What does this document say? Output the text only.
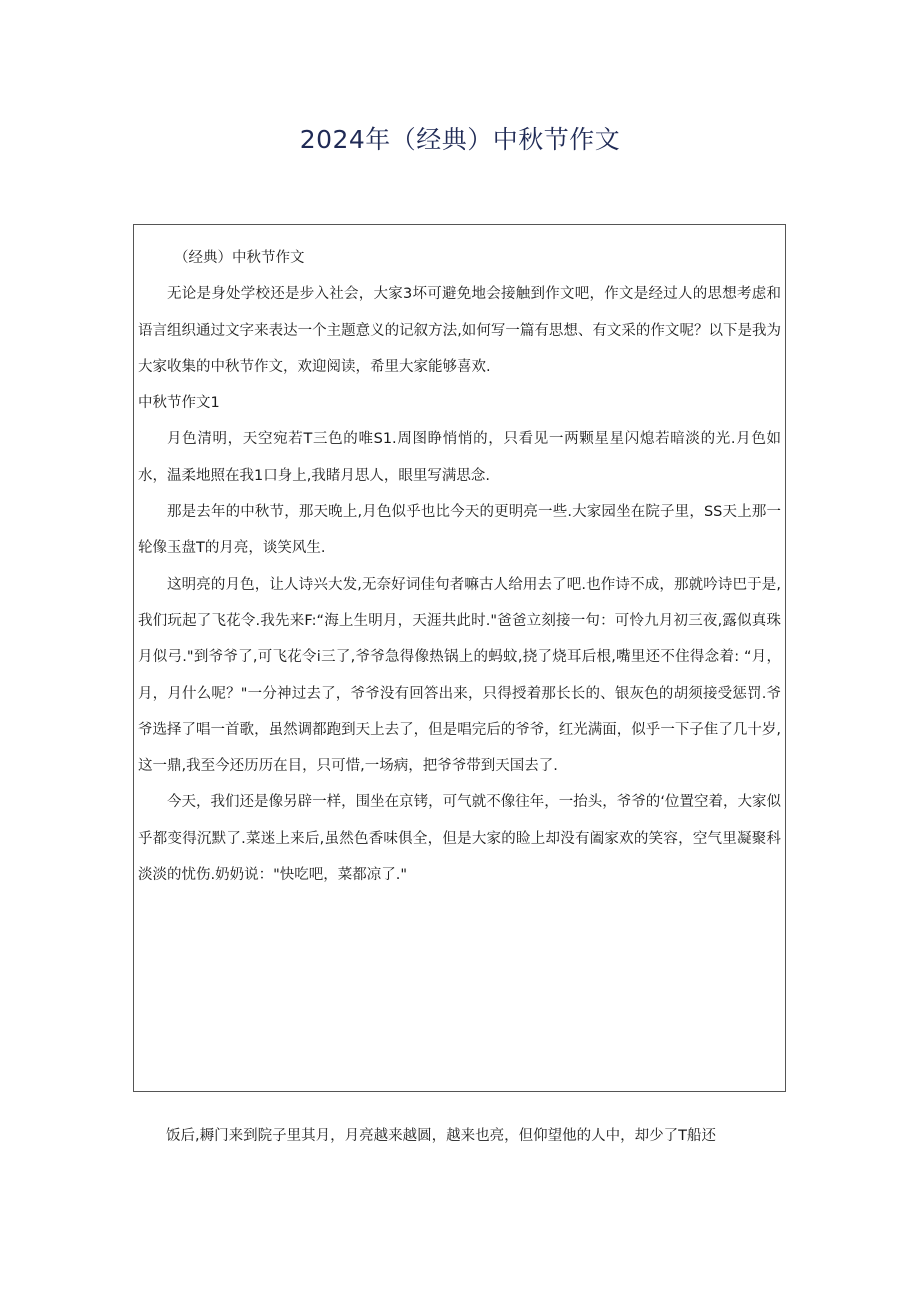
2024年（经典）中秋节作文

（经典）中秋节作文

无论是身处学校还是步入社会，大家3坏可避免地会接触到作文吧，作文是经过人的思想考虑和语言组织通过文字来表达一个主题意义的记叙方法,如何写一篇有思想、有文采的作文呢？以下是我为大家收集的中秋节作文，欢迎阅读，希里大家能够喜欢.

中秋节作文1

月色清明，天空宛若T三色的唯S1.周图睁悄悄的，只看见一两颗星星闪熄若暗淡的光.月色如水，温柔地照在我1口身上,我睹月思人，眼里写满思念.

那是去年的中秋节，那天晚上,月色似乎也比今天的更明亮一些.大家园坐在院子里，SS天上那一轮像玉盘T的月亮，谈笑风生.

这明亮的月色，让人诗兴大发,无奈好词佳句者嘛古人给用去了吧.也作诗不成，那就吟诗巴于是,我们玩起了飞花令.我先来F:“海上生明月，天涯共此时."爸爸立刻接一句：可怜九月初三夜,露似真珠月似弓."到爷爷了,可飞花令i三了,爷爷急得像热锅上的蚂蚊,挠了烧耳后根,嘴里还不住得念着: “月，月，月什么呢？"一分神过去了，爷爷没有回答出来，只得授着那长长的、银灰色的胡须接受惩罚.爷爷选择了唱一首歌，虽然调都跑到天上去了，但是唱完后的爷爷，红光满面，似乎一下子隹了几十岁,这一鼎,我至今还历历在目，只可惜,一场病，把爷爷带到天国去了.

今天，我们还是像另辟一样，围坐在京铐，可气就不像往年，一抬头，爷爷的‘位置空着，大家似乎都变得沉默了.菜迷上来后,虽然色香味俱全，但是大家的睑上却没有阖家欢的笑容，空气里凝聚科淡淡的忧伤.奶奶说："快吃吧，菜都凉了."

饭后,耨门来到院子里其月，月亮越来越圆，越来也亮，但仰望他的人中，却少了T船还
